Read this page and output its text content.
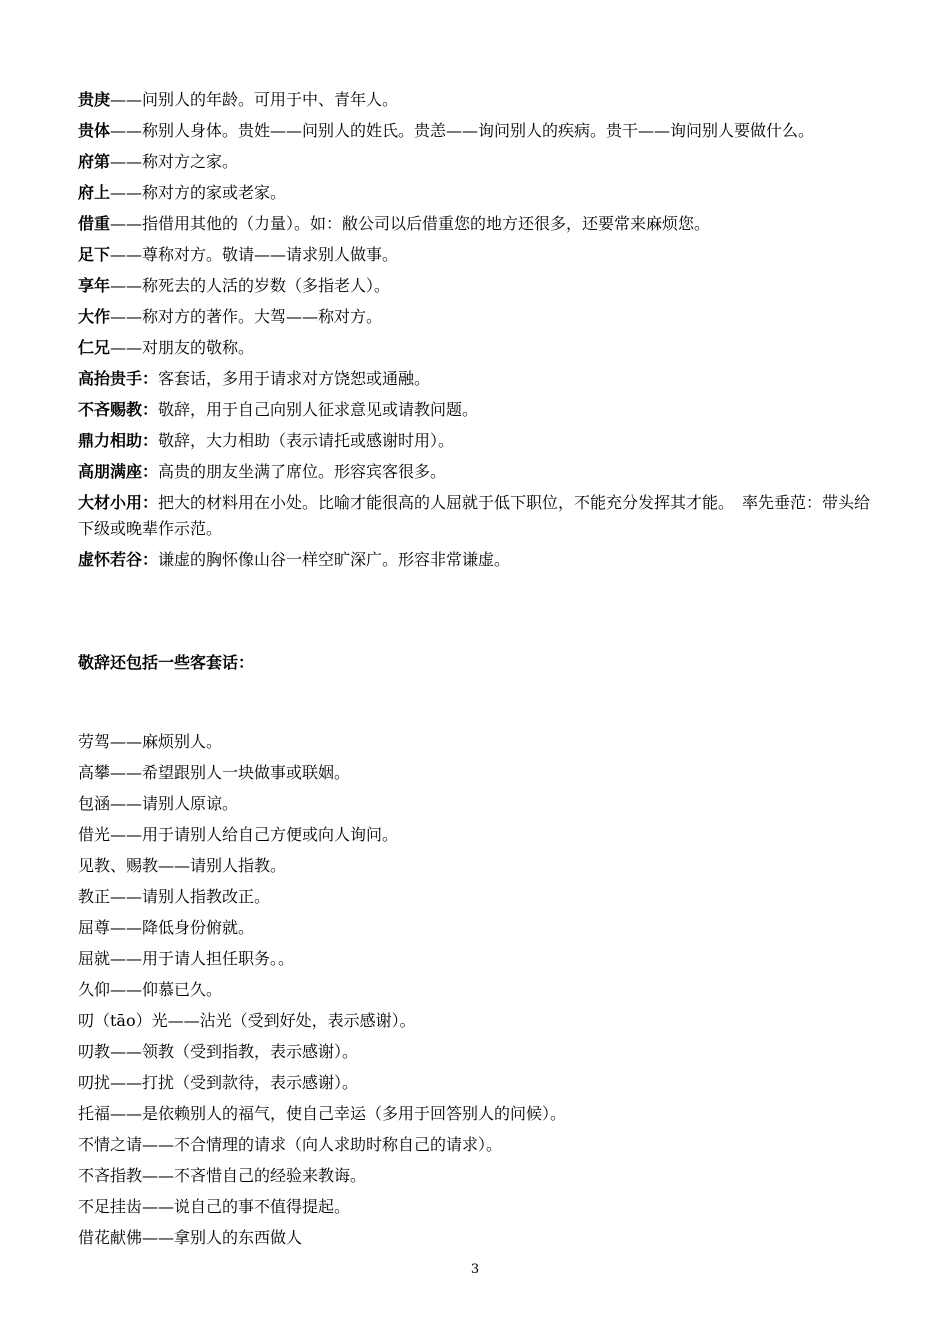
贵庚——问别人的年龄。可用于中、青年人。

贵体——称别人身体。贵姓——问别人的姓氏。贵恙——询问别人的疾病。贵干——询问别人要做什么。

府第——称对方之家。

府上——称对方的家或老家。

借重——指借用其他的（力量）。如：敝公司以后借重您的地方还很多，还要常来麻烦您。

足下——尊称对方。敬请——请求别人做事。

享年——称死去的人活的岁数（多指老人）。

大作——称对方的著作。大驾——称对方。

仁兄——对朋友的敬称。

高抬贵手：客套话，多用于请求对方饶恕或通融。

不吝赐教：敬辞，用于自己向别人征求意见或请教问题。

鼎力相助：敬辞，大力相助（表示请托或感谢时用）。

高朋满座：高贵的朋友坐满了席位。形容宾客很多。

大材小用：把大的材料用在小处。比喻才能很高的人屈就于低下职位，不能充分发挥其才能。　率先垂范：带头给下级或晚辈作示范。

虚怀若谷：谦虚的胸怀像山谷一样空旷深广。形容非常谦虚。

敬辞还包括一些客套话：

劳驾——麻烦别人。

高攀——希望跟别人一块做事或联姻。

包涵——请别人原谅。

借光——用于请别人给自己方便或向人询问。

见教、赐教——请别人指教。

教正——请别人指教改正。

屈尊——降低身份俯就。

屈就——用于请人担任职务。。

久仰——仰慕已久。

叨（tāo）光——沾光（受到好处，表示感谢）。

叨教——领教（受到指教，表示感谢）。

叨扰——打扰（受到款待，表示感谢）。

托福——是依赖别人的福气，使自己幸运（多用于回答别人的问候）。

不情之请——不合情理的请求（向人求助时称自己的请求）。

不吝指教——不吝惜自己的经验来教诲。

不足挂齿——说自己的事不值得提起。

借花献佛——拿别人的东西做人

3
